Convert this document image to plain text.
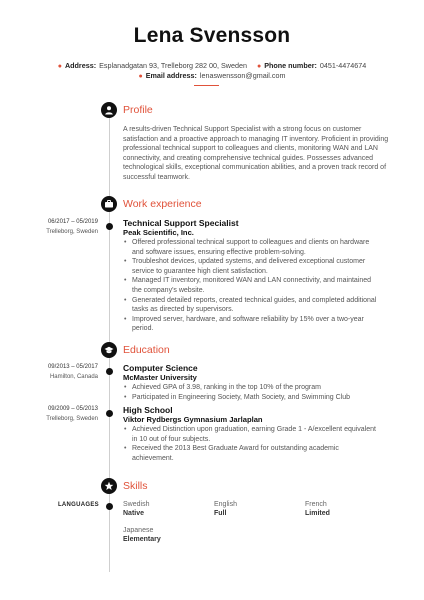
Lena Svensson
● Address: Esplanadgatan 93, Trelleborg 282 00, Sweden ● Phone number: 0451-4474674
● Email address: lenaswensson@gmail.com
Profile
A results-driven Technical Support Specialist with a strong focus on customer
satisfaction and a proactive approach to managing IT inventory. Proficient in providing
professional technical support to colleagues and clients, monitoring WAN and LAN
connectivity, and creating comprehensive technical guides. Possesses advanced
technological skills, exceptional communication abilities, and a proven track record of
successful teamwork.
Work experience
06/2017 – 05/2019
Trelleborg, Sweden
Technical Support Specialist
Peak Scientific, Inc.
• Offered professional technical support to colleagues and clients on hardware
and software issues, ensuring effective problem-solving.
• Troubleshot devices, updated systems, and delivered exceptional customer
service to guarantee high client satisfaction.
• Managed IT inventory, monitored WAN and LAN connectivity, and maintained
the company's website.
• Generated detailed reports, created technical guides, and completed additional
tasks as directed by supervisors.
• Improved server, hardware, and software reliability by 15% over a two-year
period.
Education
09/2013 – 05/2017
Hamilton, Canada
Computer Science
McMaster University
• Achieved GPA of 3.98, ranking in the top 10% of the program
• Participated in Engineering Society, Math Society, and Swimming Club
09/2009 – 05/2013
Trelleborg, Sweden
High School
Viktor Rydbergs Gymnasium Jarlaplan
• Achieved Distinction upon graduation, earning Grade 1 - A/excellent equivalent
in 10 out of four subjects.
• Received the 2013 Best Graduate Award for outstanding academic
achievement.
Skills
LANGUAGES	Swedish
Native
English
Full
French
Limited
Japanese
Elementary
